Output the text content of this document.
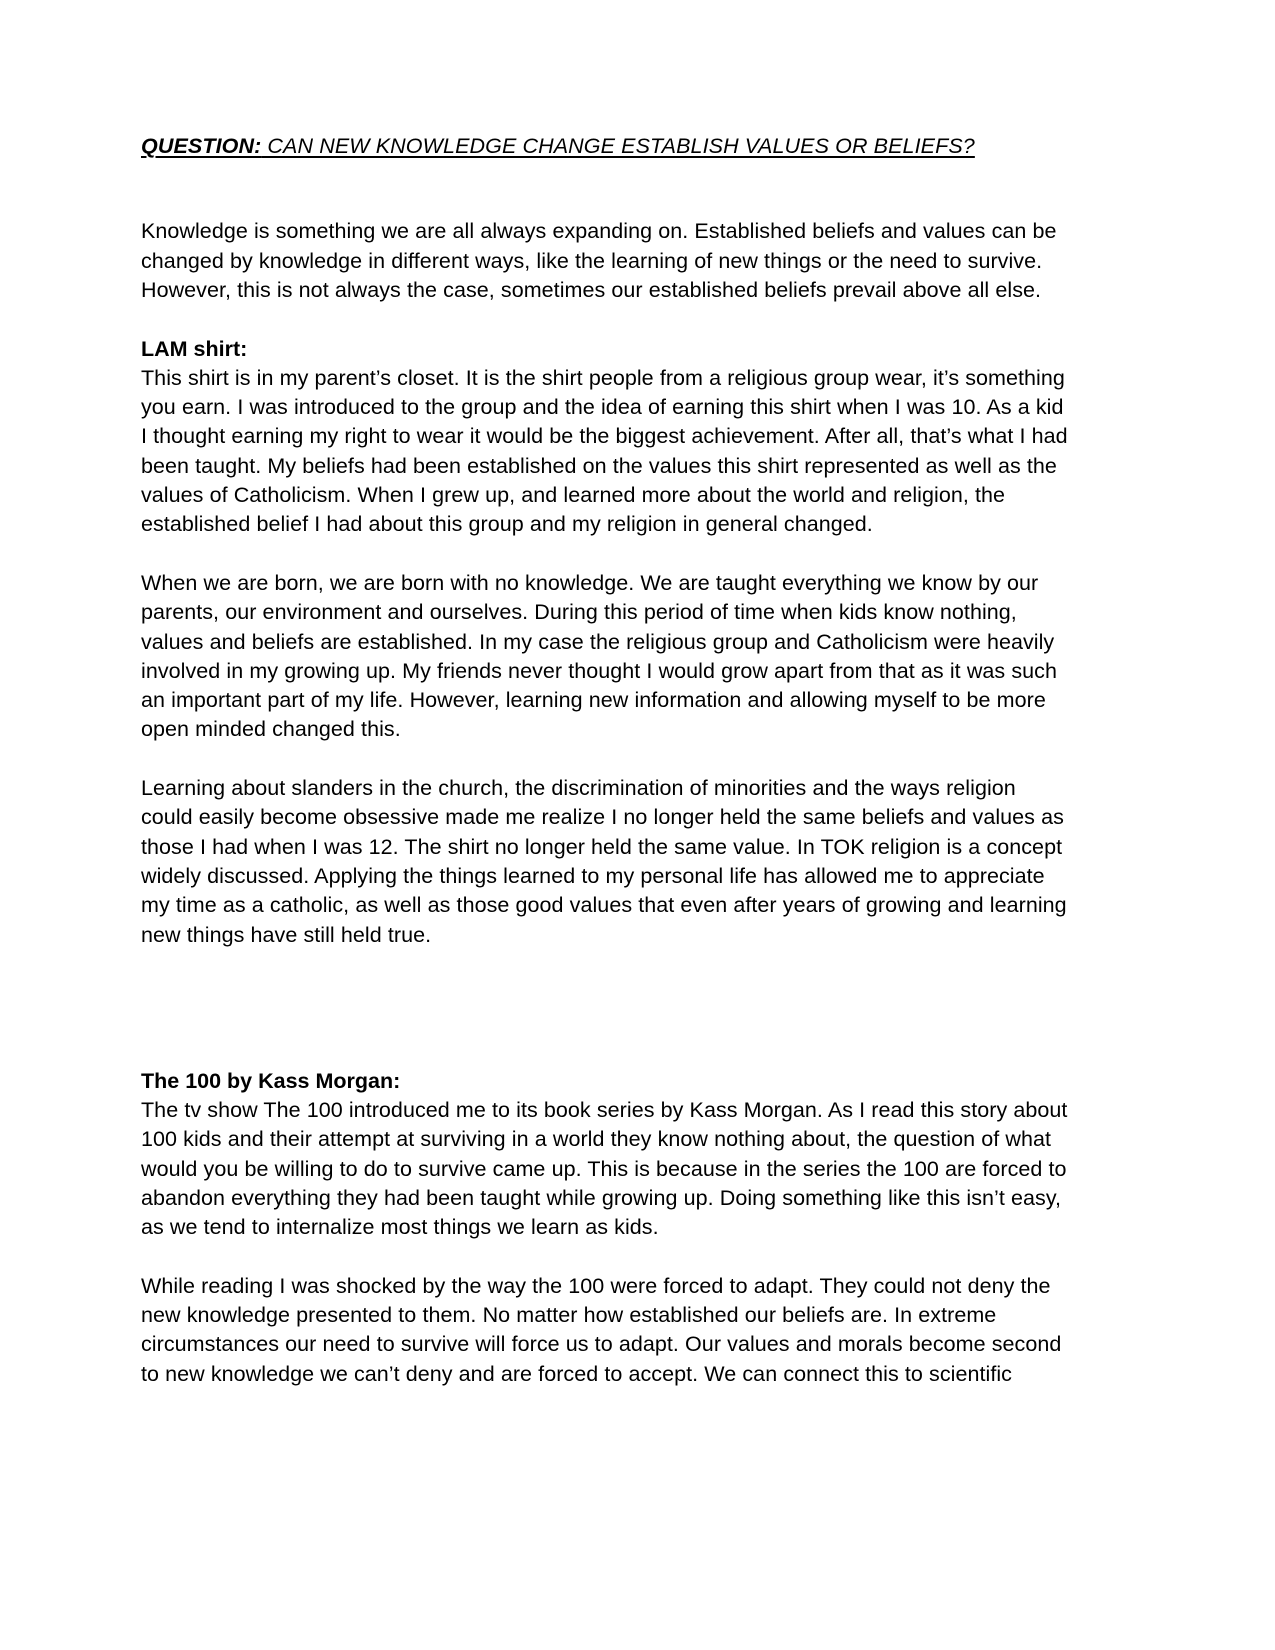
QUESTION: CAN NEW KNOWLEDGE CHANGE ESTABLISH VALUES OR BELIEFS?

Knowledge is something we are all always expanding on. Established beliefs and values can be changed by knowledge in different ways, like the learning of new things or the need to survive. However, this is not always the case, sometimes our established beliefs prevail above all else.

LAM shirt:

This shirt is in my parent’s closet. It is the shirt people from a religious group wear, it’s something you earn. I was introduced to the group and the idea of earning this shirt when I was 10. As a kid I thought earning my right to wear it would be the biggest achievement. After all, that’s what I had been taught. My beliefs had been established on the values this shirt represented as well as the values of Catholicism. When I grew up, and learned more about the world and religion, the established belief I had about this group and my religion in general changed.

When we are born, we are born with no knowledge. We are taught everything we know by our parents, our environment and ourselves. During this period of time when kids know nothing, values and beliefs are established. In my case the religious group and Catholicism were heavily involved in my growing up. My friends never thought I would grow apart from that as it was such an important part of my life. However, learning new information and allowing myself to be more open minded changed this.

Learning about slanders in the church, the discrimination of minorities and the ways religion could easily become obsessive made me realize I no longer held the same beliefs and values as those I had when I was 12. The shirt no longer held the same value. In TOK religion is a concept widely discussed. Applying the things learned to my personal life has allowed me to appreciate my time as a catholic, as well as those good values that even after years of growing and learning new things have still held true.

The 100 by Kass Morgan:

The tv show The 100 introduced me to its book series by Kass Morgan. As I read this story about 100 kids and their attempt at surviving in a world they know nothing about, the question of what would you be willing to do to survive came up. This is because in the series the 100 are forced to abandon everything they had been taught while growing up. Doing something like this isn’t easy, as we tend to internalize most things we learn as kids.

While reading I was shocked by the way the 100 were forced to adapt. They could not deny the new knowledge presented to them. No matter how established our beliefs are. In extreme circumstances our need to survive will force us to adapt. Our values and morals become second to new knowledge we can’t deny and are forced to accept. We can connect this to scientific
